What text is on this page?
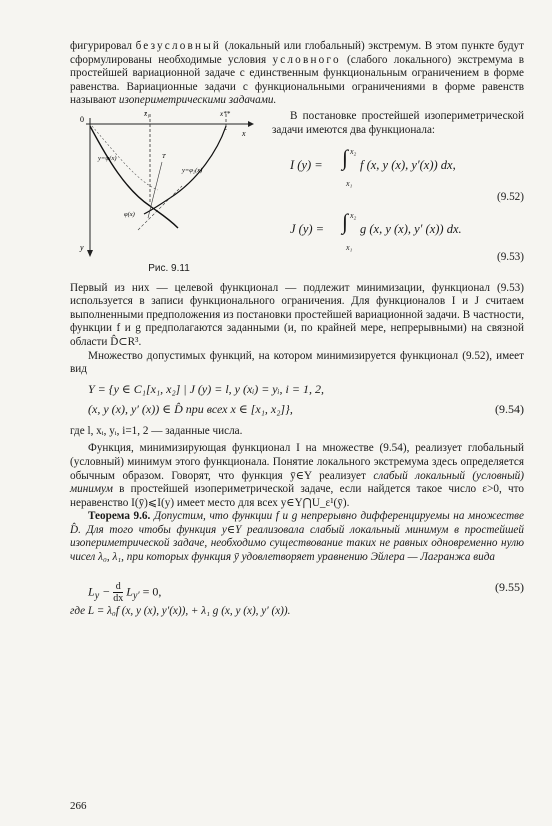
фигурировал безусловный (локальный или глобальный) экстремум. В этом пункте будут сформулированы необходимые условия условного (слабого локального) экстремума в простейшей вариационной задаче с единственным функциональным ограничением в форме равенства. Вариационные задачи с функциональными ограничениями в форме равенств называют изопериметрическими задачами.

0
x
y
x̄₁	x**
y=ψ(x)
y=φ₂(x)
φ(x)
T
Рис. 9.11

В постановке простейшей изопериметрической задачи имеются два функционала:

I (y) = ∫ x₂
x₁
f (x, y (x), y′(x)) dx,
(9.52)
J (y) = ∫ x₂
x₁
g (x, y (x), y′ (x)) dx.
(9.53)

Первый из них — целевой функционал — подлежит минимизации, функционал (9.53) используется в записи функционального ограничения. Для функционалов I и J считаем выполненными предположения из постановки простейшей вариационной задачи. В частности, функции f и g предполагаются заданными (и, по крайней мере, непрерывными) на связной области D̂⊂R³.

Множество допустимых функций, на котором минимизируется функционал (9.52), имеет вид

Y = {y ∈ C₁[x₁, x₂] | J (y) = l, y (xᵢ) = yᵢ, i = 1, 2,
(x, y (x), y′ (x)) ∈ D̂ при всех x ∈ [x₁, x₂]},	(9.54)

где l, xᵢ, yᵢ, i=1, 2 — заданные числа.

Функция, минимизирующая функционал I на множестве (9.54), реализует глобальный (условный) минимум этого функционала. Понятие локального экстремума здесь определяется обычным образом. Говорят, что функция ȳ∈Y реализует слабый локальный (условный) минимум в простейшей изопериметрической задаче, если найдется такое число ε>0, что неравенство I(ȳ)⩽I(y) имеет место для всех y∈Y⋂U_ε¹(ȳ).

Теорема 9.6. Допустим, что функции f и g непрерывно дифференцируемы на множестве D̂. Для того чтобы функция y∈Y реализовала слабый локальный минимум в простейшей изопериметрической задаче, необходимо существование таких не равных одновременно нулю чисел λ₀, λ₁, при которых функция ȳ удовлетворяет уравнению Эйлера — Лагранжа вида

$L_y - \frac{d}{dx} L_{y'} = 0$,	(9.55)

где L = λ₀f (x, y (x), y′(x)), + λ₁ g (x, y (x), y′ (x)).

266
